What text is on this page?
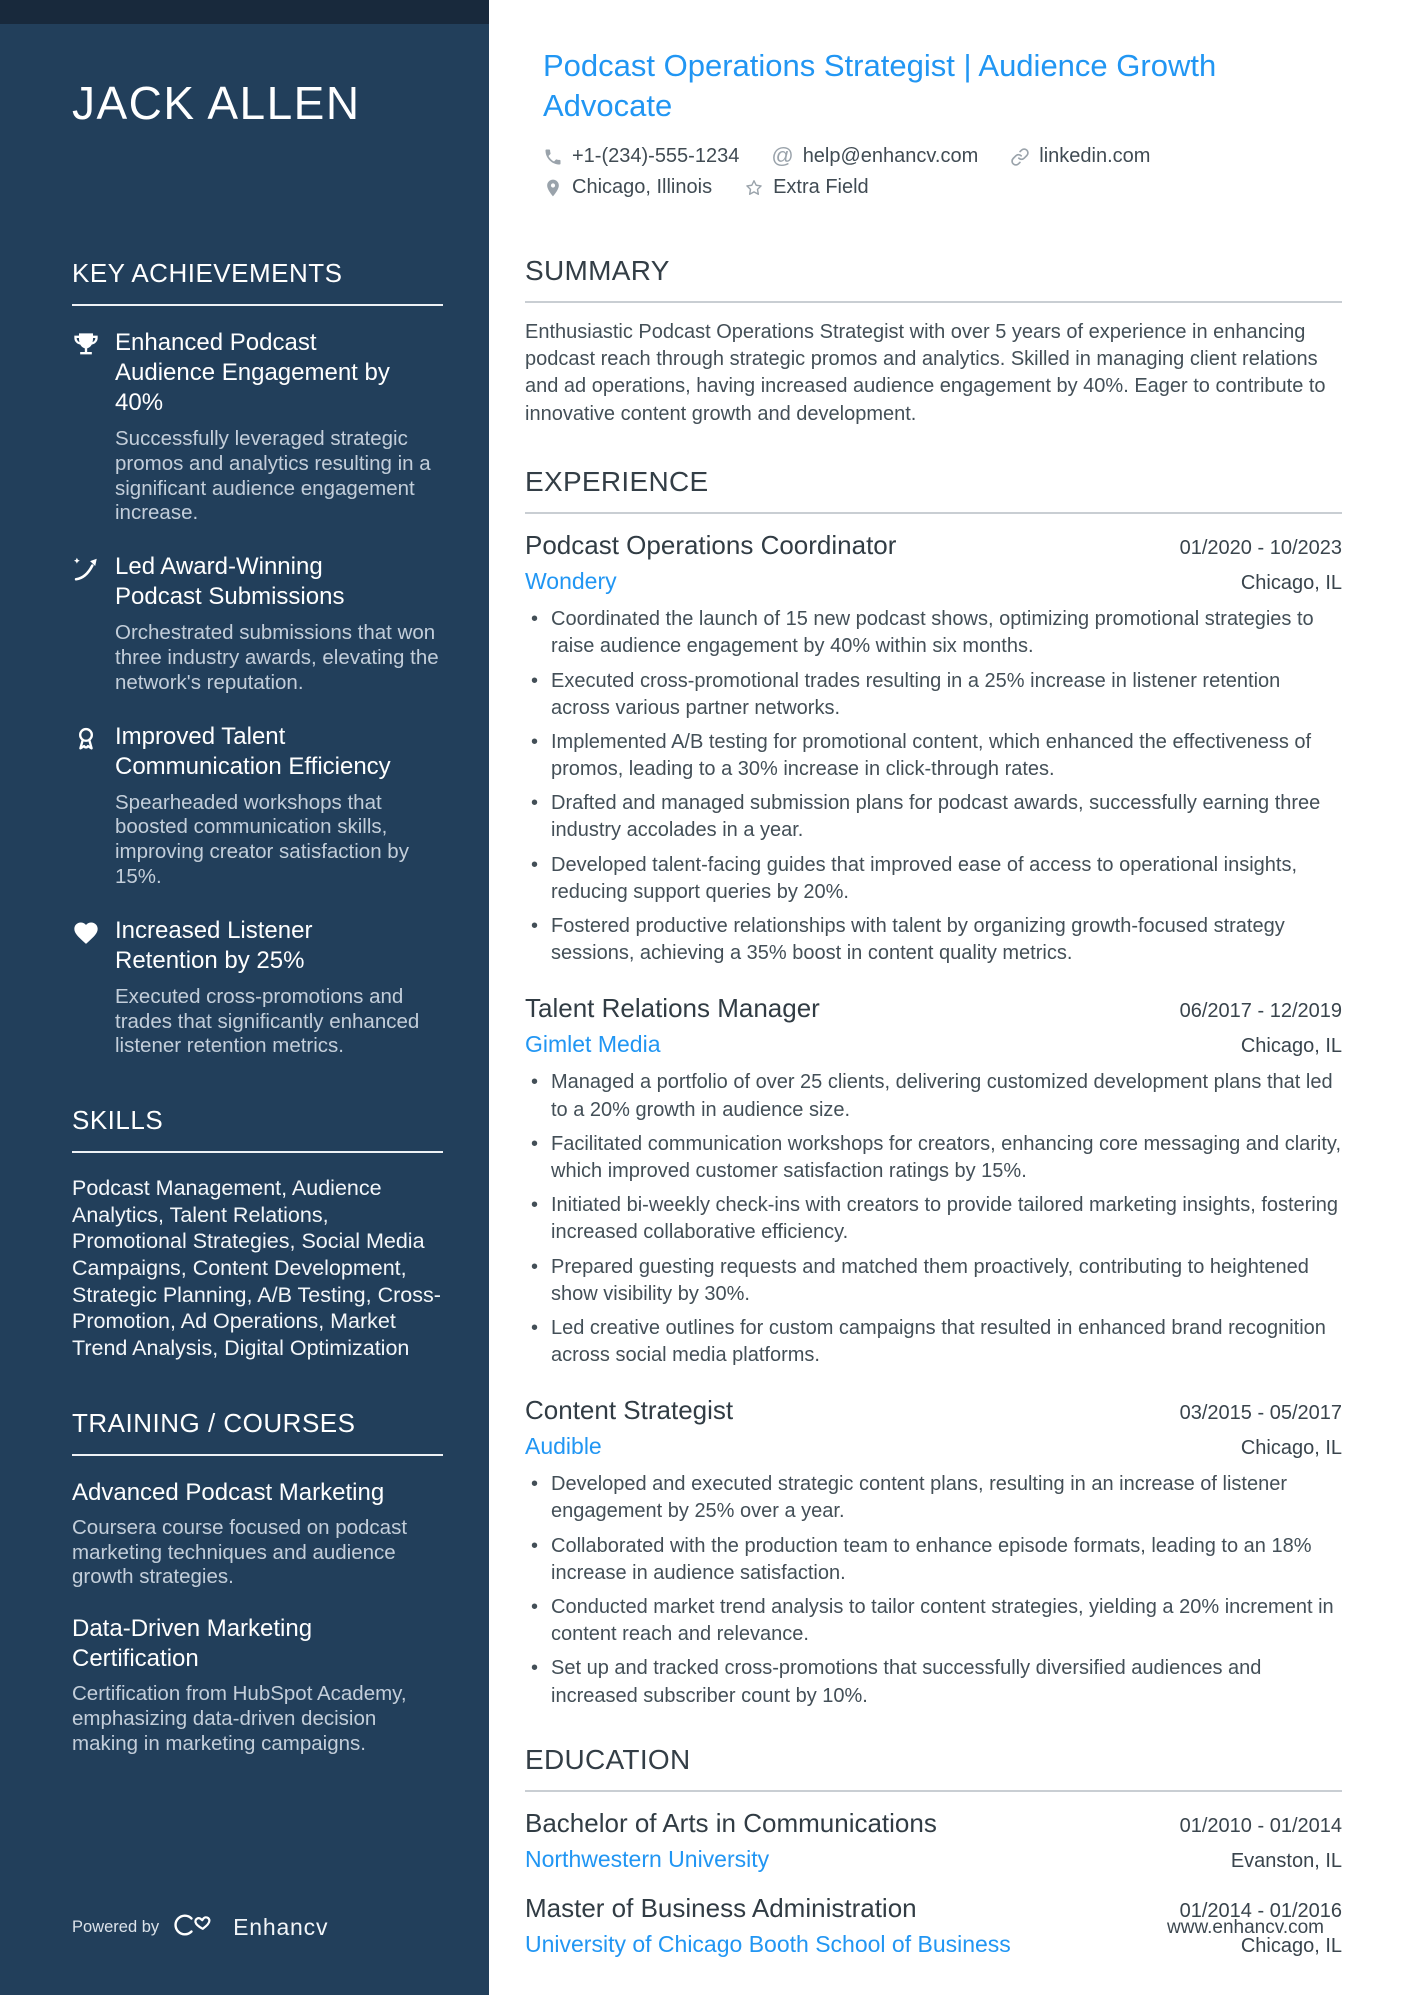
JACK ALLEN
KEY ACHIEVEMENTS
Enhanced Podcast Audience Engagement by 40%

Successfully leveraged strategic promos and analytics resulting in a significant audience engagement increase.

Led Award-Winning Podcast Submissions

Orchestrated submissions that won three industry awards, elevating the network's reputation.

Improved Talent Communication Efficiency

Spearheaded workshops that boosted communication skills, improving creator satisfaction by 15%.

Increased Listener Retention by 25%

Executed cross-promotions and trades that significantly enhanced listener retention metrics.

SKILLS

Podcast Management, Audience Analytics, Talent Relations, Promotional Strategies, Social Media Campaigns, Content Development, Strategic Planning, A/B Testing, Cross-Promotion, Ad Operations, Market Trend Analysis, Digital Optimization

TRAINING / COURSES
Advanced Podcast Marketing

Coursera course focused on podcast marketing techniques and audience growth strategies.

Data-Driven Marketing Certification

Certification from HubSpot Academy, emphasizing data-driven decision making in marketing campaigns.

Powered by	Enhancv
Podcast Operations Strategist | Audience Growth Advocate
+1-(234)-555-1234 @ help@enhancv.com	linkedin.com
Chicago, Illinois	Extra Field
SUMMARY

Enthusiastic Podcast Operations Strategist with over 5 years of experience in enhancing podcast reach through strategic promos and analytics. Skilled in managing client relations and ad operations, having increased audience engagement by 40%. Eager to contribute to innovative content growth and development.

EXPERIENCE
Podcast Operations Coordinator	01/2020 - 10/2023

Wondery	Chicago, IL
• Coordinated the launch of 15 new podcast shows, optimizing promotional strategies to raise audience engagement by 40% within six months.
• Executed cross-promotional trades resulting in a 25% increase in listener retention across various partner networks.
• Implemented A/B testing for promotional content, which enhanced the effectiveness of promos, leading to a 30% increase in click-through rates.
• Drafted and managed submission plans for podcast awards, successfully earning three industry accolades in a year.
• Developed talent-facing guides that improved ease of access to operational insights, reducing support queries by 20%.
• Fostered productive relationships with talent by organizing growth-focused strategy sessions, achieving a 35% boost in content quality metrics.
Talent Relations Manager	06/2017 - 12/2019

Gimlet Media	Chicago, IL
• Managed a portfolio of over 25 clients, delivering customized development plans that led to a 20% growth in audience size.
• Facilitated communication workshops for creators, enhancing core messaging and clarity, which improved customer satisfaction ratings by 15%.
• Initiated bi-weekly check-ins with creators to provide tailored marketing insights, fostering increased collaborative efficiency.
• Prepared guesting requests and matched them proactively, contributing to heightened show visibility by 30%.
• Led creative outlines for custom campaigns that resulted in enhanced brand recognition across social media platforms.
Content Strategist	03/2015 - 05/2017

Audible	Chicago, IL
• Developed and executed strategic content plans, resulting in an increase of listener engagement by 25% over a year.
• Collaborated with the production team to enhance episode formats, leading to an 18% increase in audience satisfaction.
• Conducted market trend analysis to tailor content strategies, yielding a 20% increment in content reach and relevance.
• Set up and tracked cross-promotions that successfully diversified audiences and increased subscriber count by 10%.
EDUCATION
Bachelor of Arts in Communications	01/2010 - 01/2014

Northwestern University	Evanston, IL
Master of Business Administration	01/2014 - 01/2016

University of Chicago Booth School of Business	Chicago, IL
www.enhancv.com
